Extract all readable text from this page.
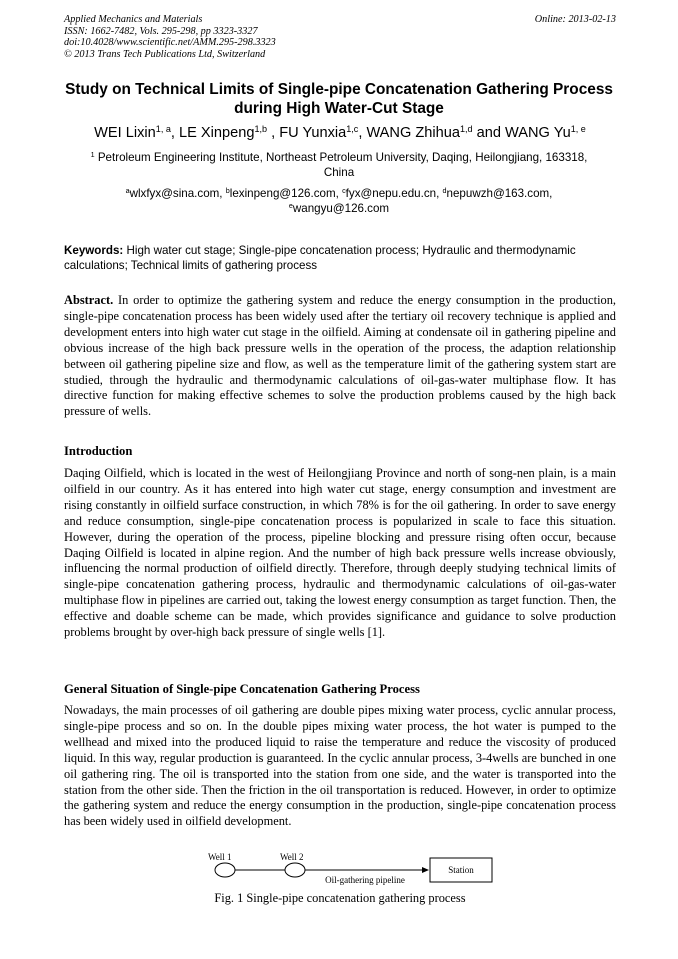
Applied Mechanics and Materials
ISSN: 1662-7482, Vols. 295-298, pp 3323-3327
doi:10.4028/www.scientific.net/AMM.295-298.3323
© 2013 Trans Tech Publications Ltd, Switzerland
Online: 2013-02-13
Study on Technical Limits of Single-pipe Concatenation Gathering Process during High Water-Cut Stage
WEI Lixin$^{1, a}$, LE Xinpeng$^{1,b}$ , FU Yunxia$^{1,c}$, WANG Zhihua$^{1,d}$ and WANG Yu$^{1, e}$
$^1$ Petroleum Engineering Institute, Northeast Petroleum University, Daqing, Heilongjiang, 163318,
China
$^a$wlxfyx@sina.com, $^b$lexinpeng@126.com, $^c$fyx@nepu.edu.cn, $^d$nepuwzh@163.com,
$^e$wangyu@126.com
Keywords: High water cut stage; Single-pipe concatenation process; Hydraulic and thermodynamic calculations; Technical limits of gathering process
Abstract. In order to optimize the gathering system and reduce the energy consumption in the production, single-pipe concatenation process has been widely used after the tertiary oil recovery technique is applied and development enters into high water cut stage in the oilfield. Aiming at condensate oil in gathering pipeline and obvious increase of the high back pressure wells in the operation of the process, the adaption relationship between oil gathering pipeline size and flow, as well as the temperature limit of the gathering system start are studied, through the hydraulic and thermodynamic calculations of oil-gas-water multiphase flow. It has directive function for making effective schemes to solve the production problems caused by the high back pressure of wells.
Introduction
Daqing Oilfield, which is located in the west of Heilongjiang Province and north of song-nen plain, is a main oilfield in our country. As it has entered into high water cut stage, energy consumption and investment are rising constantly in oilfield surface construction, in which 78% is for the oil gathering. In order to save energy and reduce consumption, single-pipe concatenation process is popularized in scale to face this situation. However, during the operation of the process, pipeline blocking and pressure rising often occur, because Daqing Oilfield is located in alpine region. And the number of high back pressure wells increase obviously, influencing the normal production of oilfield directly. Therefore, through deeply studying technical limits of single-pipe concatenation gathering process, hydraulic and thermodynamic calculations of oil-gas-water multiphase flow in pipelines are carried out, taking the lowest energy consumption as target function. Then, the effective and doable scheme can be made, which provides significance and guidance to solve production problems brought by over-high back pressure of single wells [1].
General Situation of Single-pipe Concatenation Gathering Process
Nowadays, the main processes of oil gathering are double pipes mixing water process, cyclic annular process, single-pipe process and so on. In the double pipes mixing water process, the hot water is pumped to the wellhead and mixed into the produced liquid to raise the temperature and reduce the viscosity of produced liquid. In this way, regular production is guaranteed. In the cyclic annular process, 3-4wells are bunched in one oil gathering ring. The oil is transported into the station from one side, and the water is transported into the station from the other side. Then the friction in the oil transportation is reduced. However, in order to optimize the gathering system and reduce the energy consumption in the production, single-pipe concatenation process has been widely used in oilfield development.
Well 1	Well 2
Station
Oil-gathering pipeline
Fig. 1 Single-pipe concatenation gathering process
